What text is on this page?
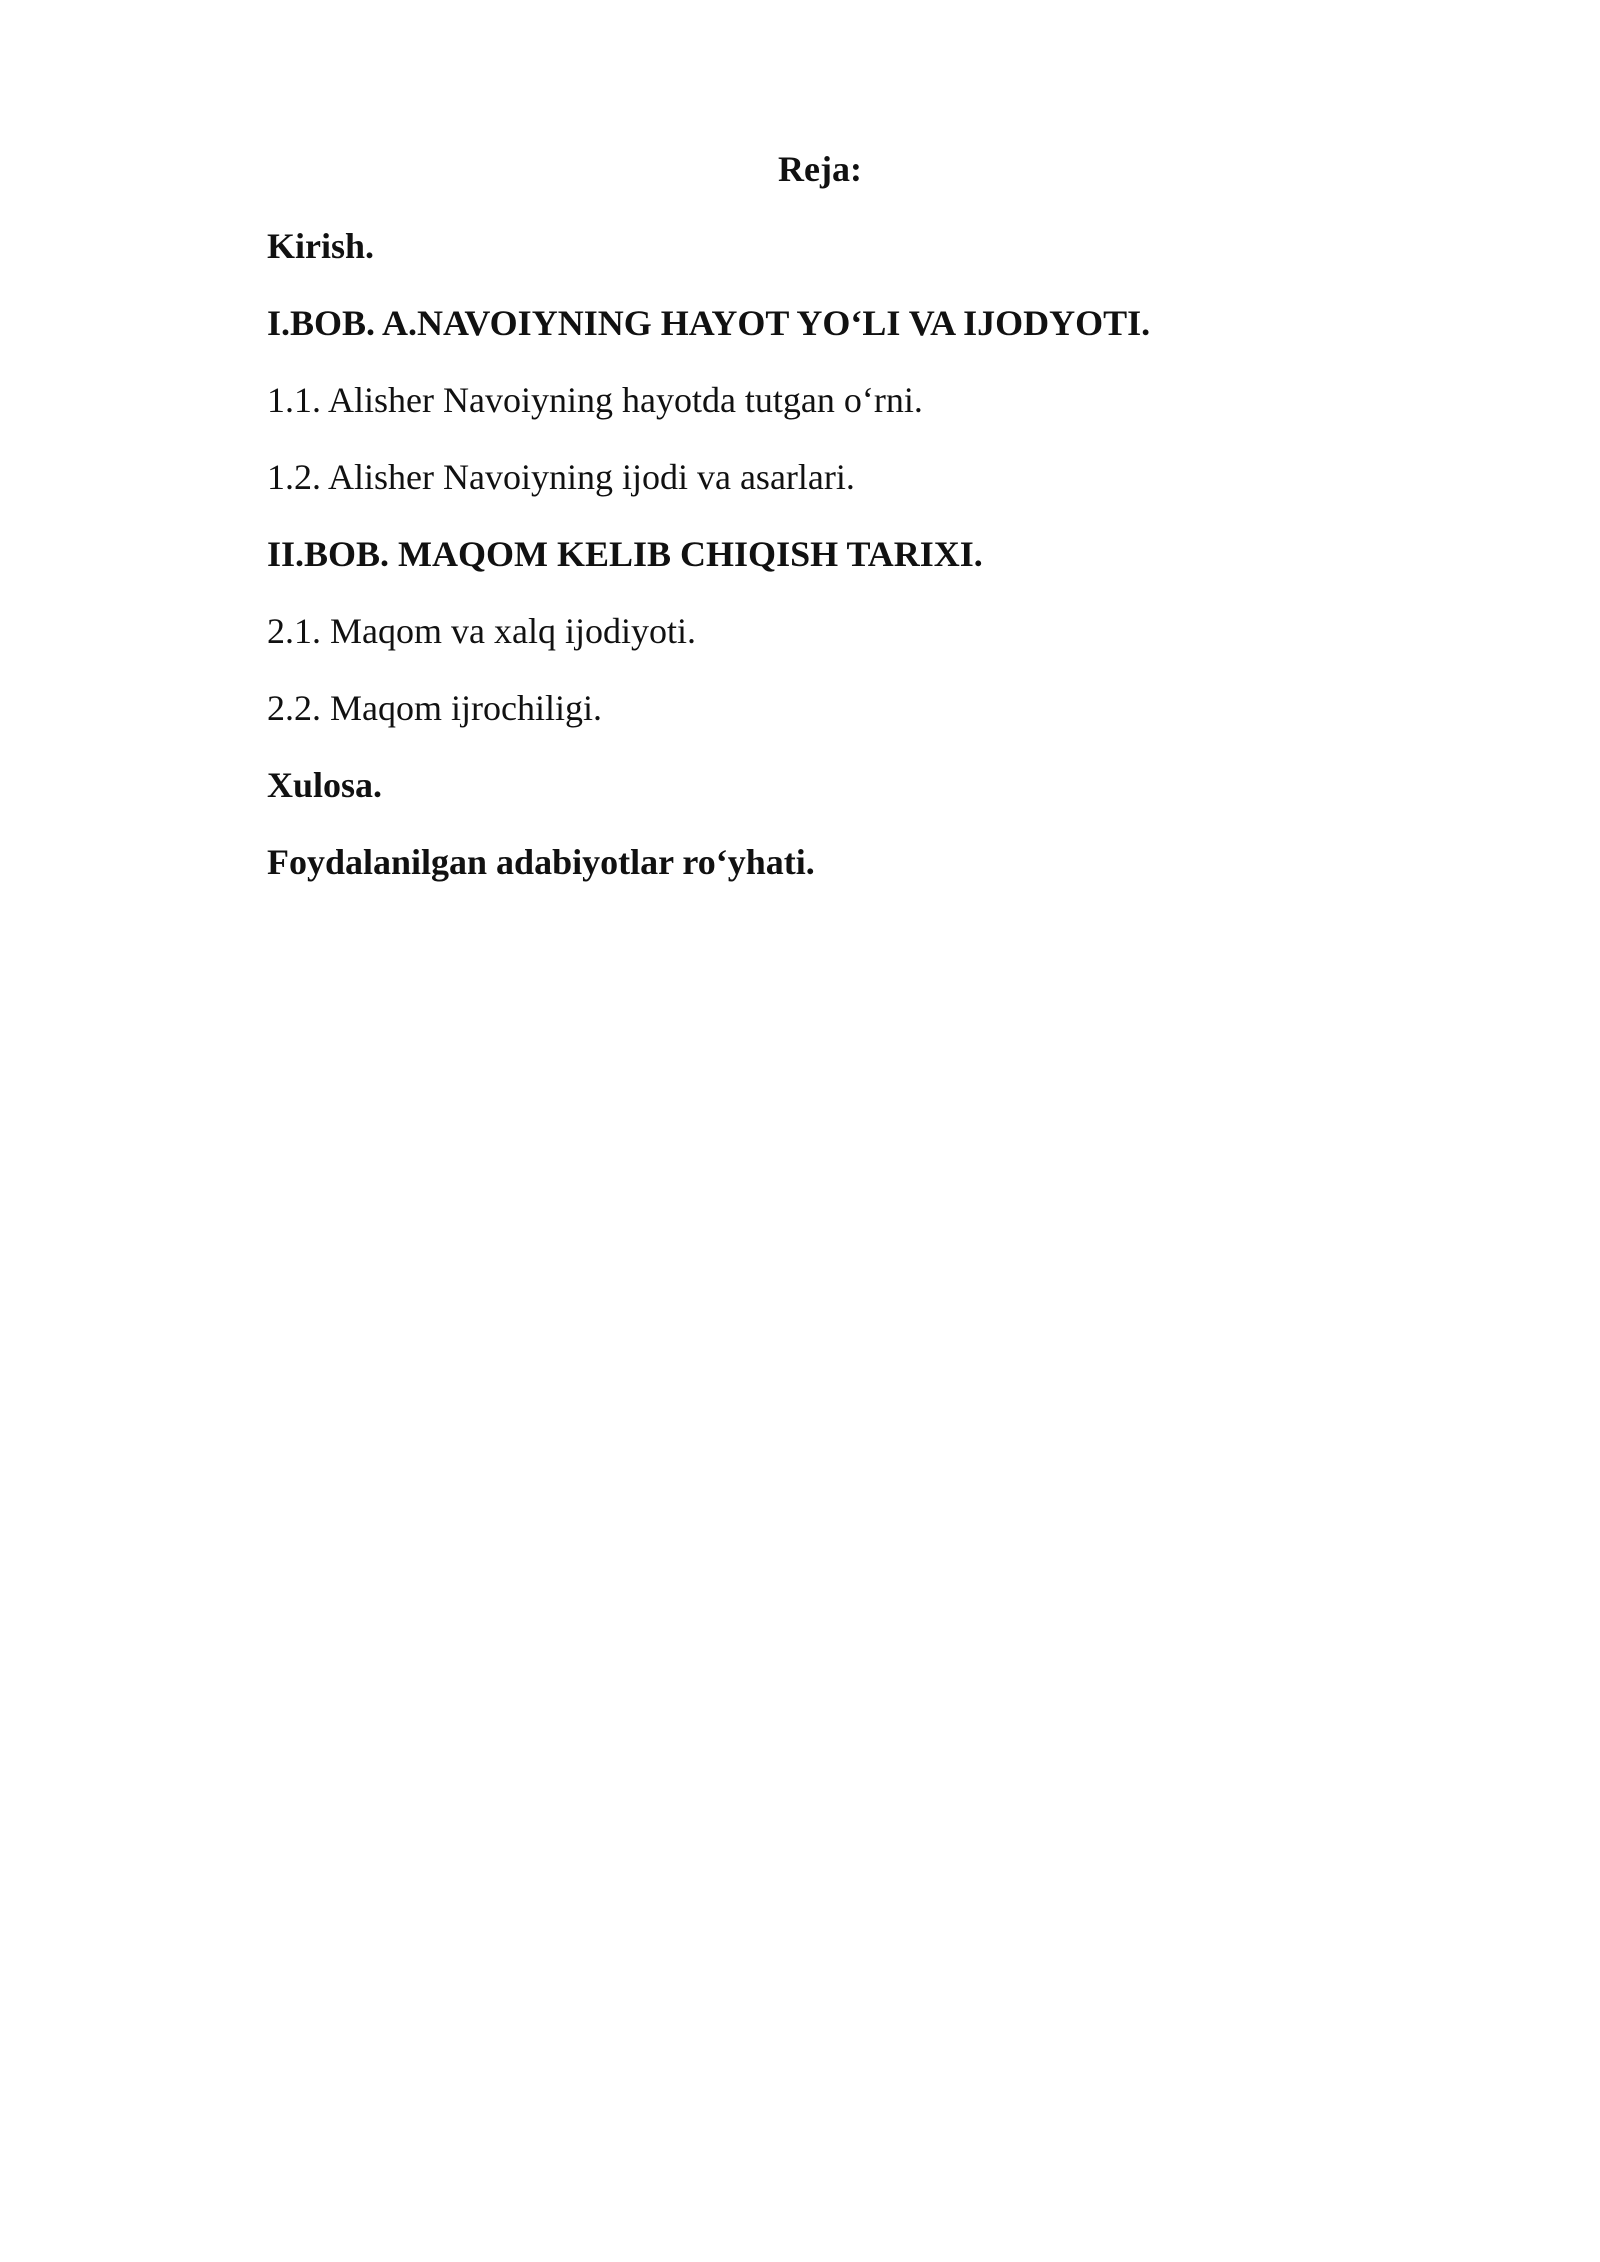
Reja:
Kirish.
I.BOB. A.NAVOIYNING HAYOT YO‘LI VA IJODYOTI.
1.1. Alisher Navoiyning hayotda tutgan o‘rni.
1.2. Alisher Navoiyning ijodi va asarlari.
II.BOB. MAQOM KELIB CHIQISH TARIXI.
2.1. Maqom va xalq ijodiyoti.
2.2. Maqom ijrochiligi.
Xulosa.
Foydalanilgan adabiyotlar ro‘yhati.
